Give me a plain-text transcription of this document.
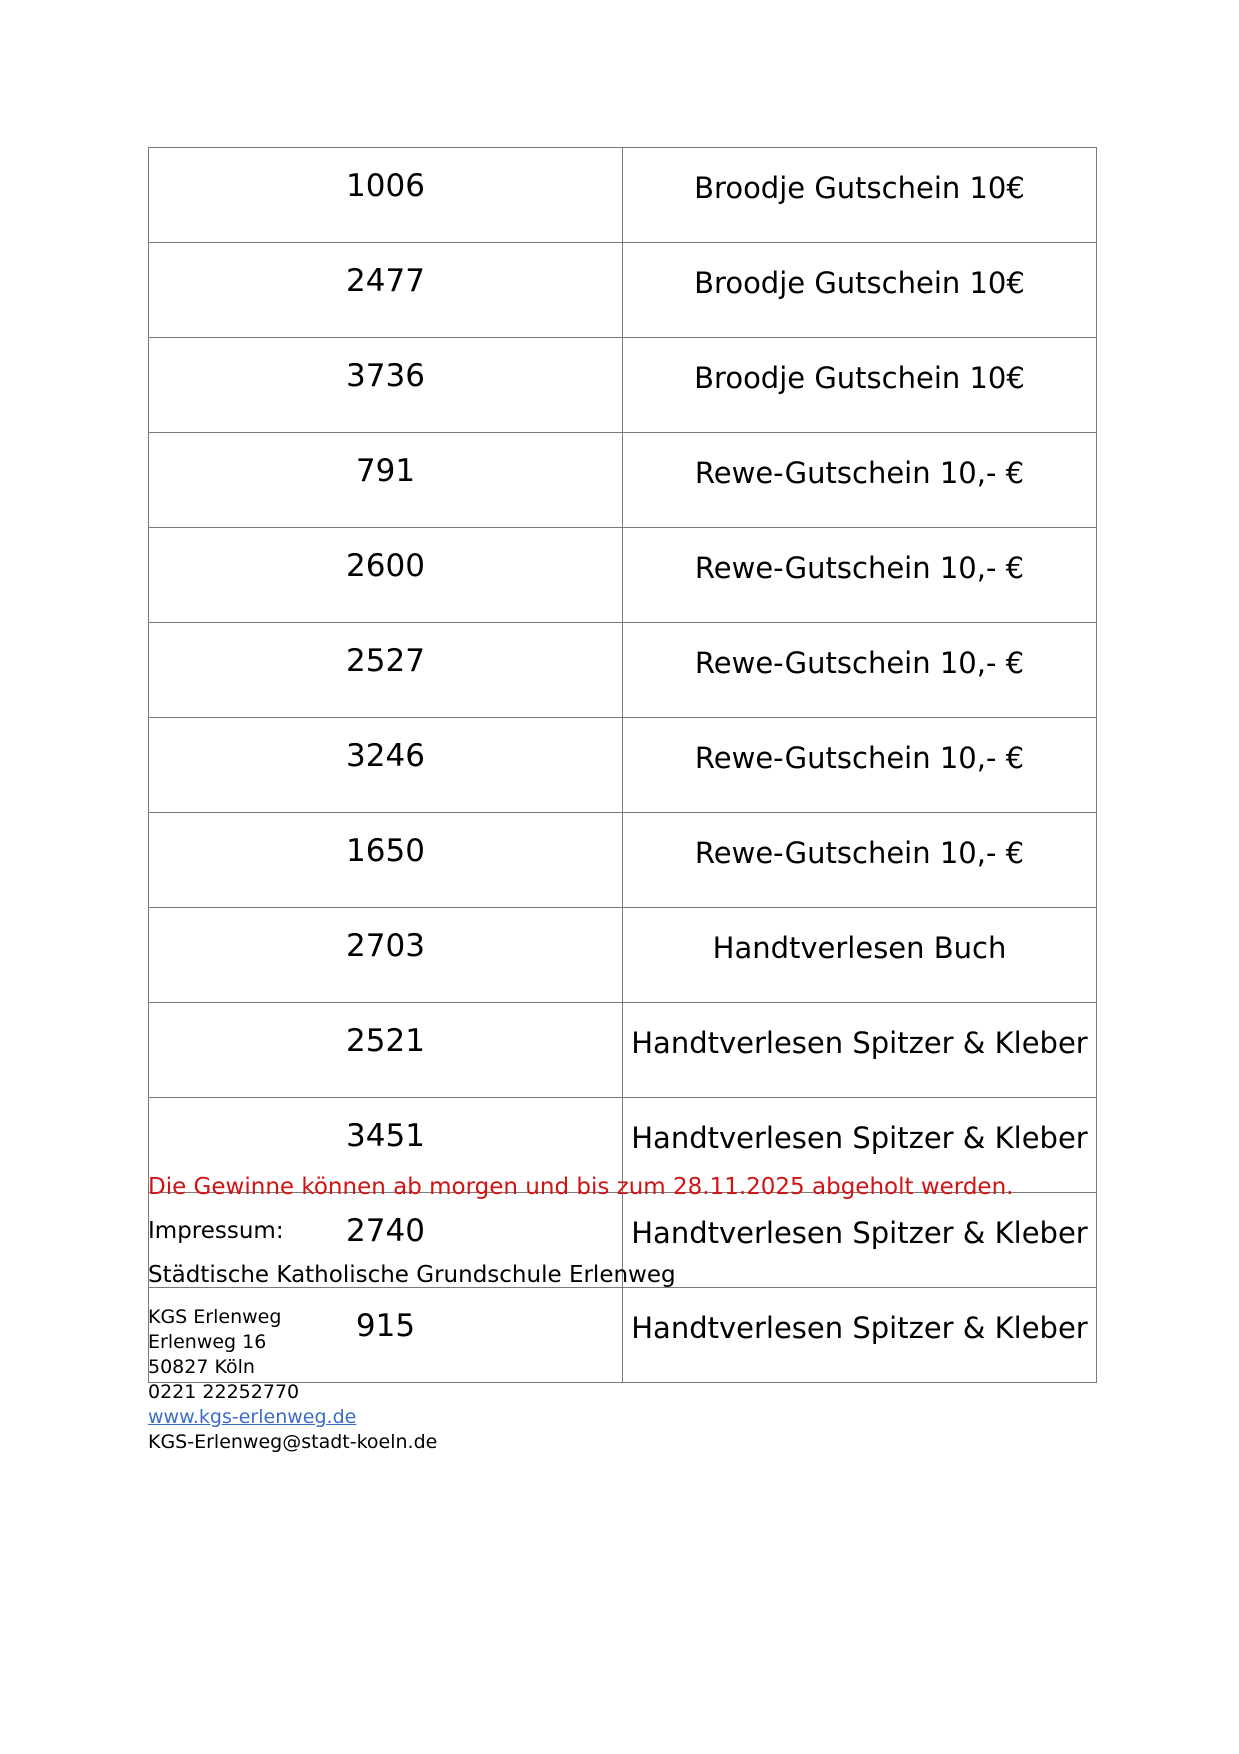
1006	Broodje Gutschein 10€
2477	Broodje Gutschein 10€
3736	Broodje Gutschein 10€
791	Rewe-Gutschein 10,- €
2600	Rewe-Gutschein 10,- €
2527	Rewe-Gutschein 10,- €
3246	Rewe-Gutschein 10,- €
1650	Rewe-Gutschein 10,- €
2703	Handtverlesen Buch
2521	Handtverlesen Spitzer & Kleber
3451	Handtverlesen Spitzer & Kleber
2740	Handtverlesen Spitzer & Kleber
915	Handtverlesen Spitzer & Kleber
Die Gewinne können ab morgen und bis zum 28.11.2025 abgeholt werden.
Impressum:
Städtische Katholische Grundschule Erlenweg
KGS Erlenweg
Erlenweg 16
50827 Köln
0221 22252770
www.kgs-erlenweg.de
KGS-Erlenweg@stadt-koeln.de
